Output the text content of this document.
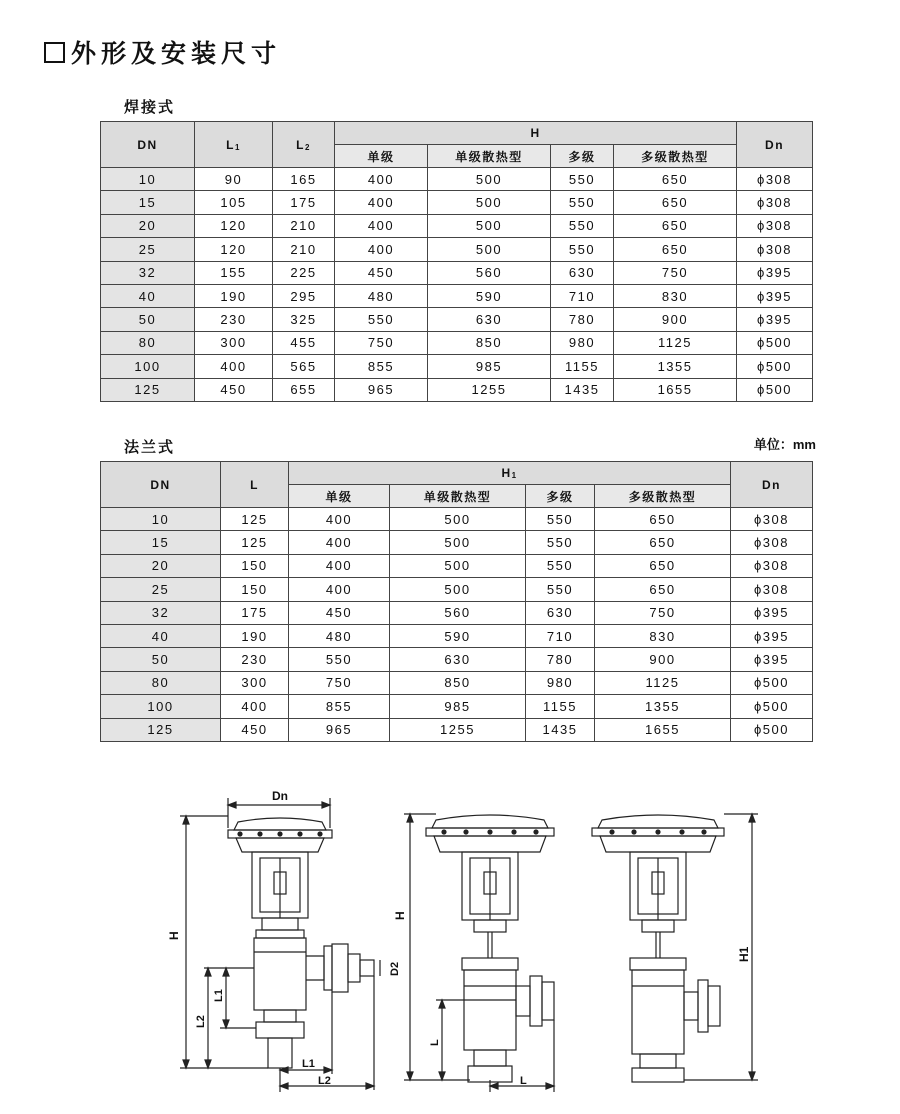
外形及安装尺寸
焊接式
DN	$L_1$	$L_2$	H				Dn
			单级	单级散热型	多级	多级散热型	
10	90	165	400	500	550	650	ϕ308
15	105	175	400	500	550	650	ϕ308
20	120	210	400	500	550	650	ϕ308
25	120	210	400	500	550	650	ϕ308
32	155	225	450	560	630	750	ϕ395
40	190	295	480	590	710	830	ϕ395
50	230	325	550	630	780	900	ϕ395
80	300	455	750	850	980	1125	ϕ500
100	400	565	855	985	1155	1355	ϕ500
125	450	655	965	1255	1435	1655	ϕ500
法兰式	单位：mm
DN	L	$H_1$				Dn
		单级	单级散热型	多级	多级散热型	
10	125	400	500	550	650	ϕ308
15	125	400	500	550	650	ϕ308
20	150	400	500	550	650	ϕ308
25	150	400	500	550	650	ϕ308
32	175	450	560	630	750	ϕ395
40	190	480	590	710	830	ϕ395
50	230	550	630	780	900	ϕ395
80	300	750	850	980	1125	ϕ500
100	400	855	985	1155	1355	ϕ500
125	450	965	1255	1435	1655	ϕ500
Dn
H
L1
L2
D2
L1
L2
H
L
L
H1
